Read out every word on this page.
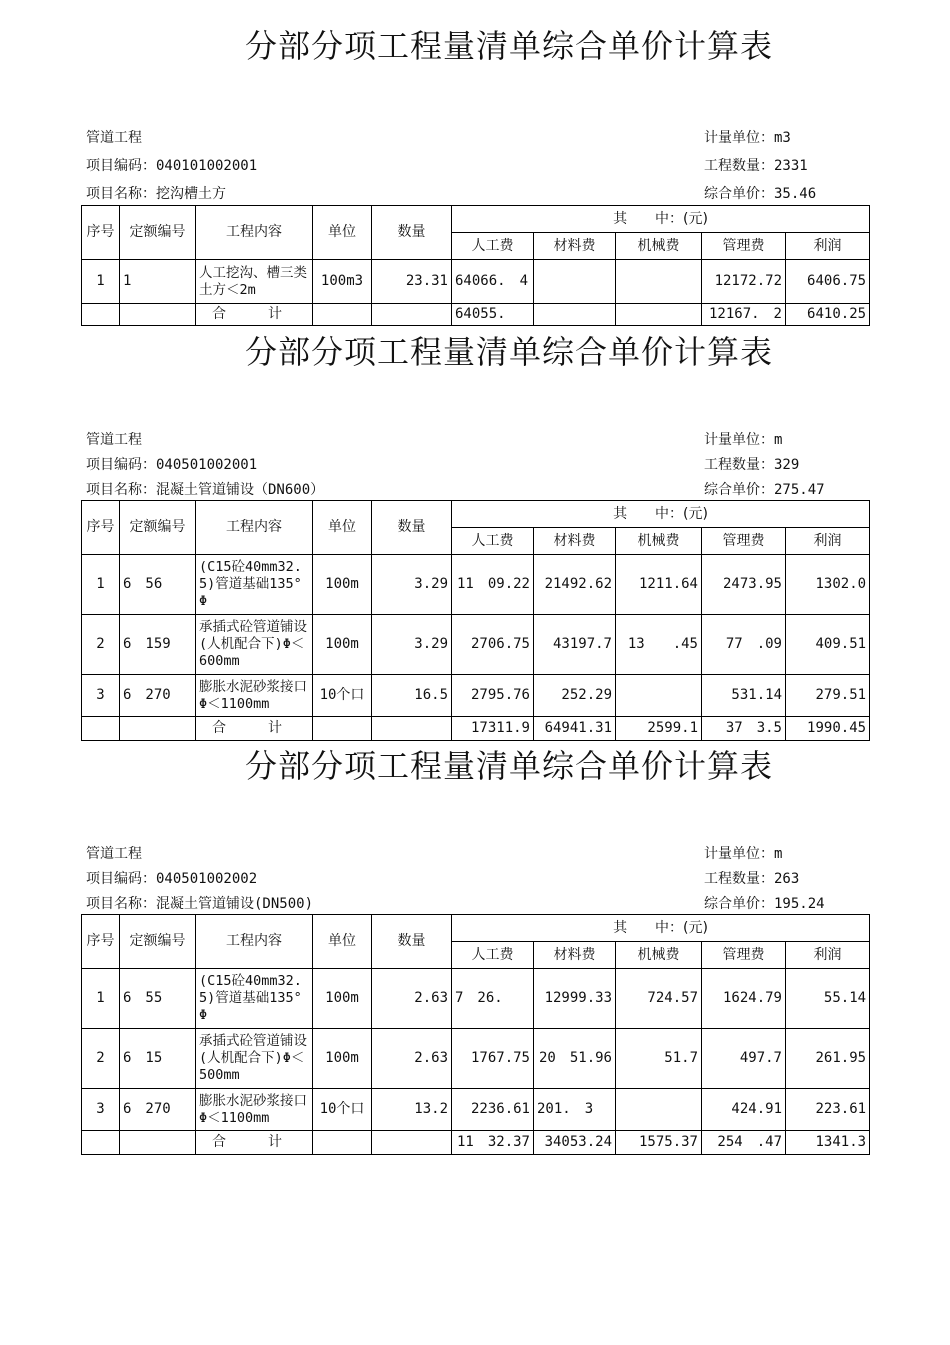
分部分项工程量清单综合单价计算表
管道工程	计量单位：m3
项目编码：040101002001	工程数量：2331
项目名称：挖沟槽土方	综合单价：35.46
序号	定额编号	工程内容	单位	数量	其　　中：(元)				
					人工费	材料费	机械费	管理费	利润
1	1	人工挖沟、槽三类土方＜2m	100m3	23.31	64066.　4			12172.72	6406.75
		合　计			64055.			12167.　2	6410.25
分部分项工程量清单综合单价计算表
管道工程	计量单位：m
项目编码：040501002001	工程数量：329
项目名称：混凝土管道铺设（DN600）	综合单价：275.47
序号	定额编号	工程内容	单位	数量	其　　中：(元)				
					人工费	材料费	机械费	管理费	利润
1	6　56	(C15砼40mm32.5)管道基础135°Φ	100m	3.29	11　09.22	21492.62	1211.64	2473.95	1302.0
2	6　159	承插式砼管道铺设(人机配合下)Φ＜600mm	100m	3.29	2706.75	43197.7	13　　.45	77　.09	409.51
3	6　270	膨胀水泥砂浆接口Φ＜1100mm	10个口	16.5	2795.76	252.29		531.14	279.51
		合　计			17311.9	64941.31	2599.1	37　3.5	1990.45
分部分项工程量清单综合单价计算表
管道工程	计量单位：m
项目编码：040501002002	工程数量：263
项目名称：混凝土管道铺设(DN500)	综合单价：195.24
序号	定额编号	工程内容	单位	数量	其　　中：(元)				
					人工费	材料费	机械费	管理费	利润
1	6　55	(C15砼40mm32.5)管道基础135°Φ	100m	2.63	7　26.	12999.33	724.57	1624.79	55.14
2	6　15	承插式砼管道铺设(人机配合下)Φ＜500mm	100m	2.63	1767.75	20　51.96	51.7	497.7	261.95
3	6　270	膨胀水泥砂浆接口Φ＜1100mm	10个口	13.2	2236.61	201.　3		424.91	223.61
		合　计			11　32.37	34053.24	1575.37	254　.47	1341.3
